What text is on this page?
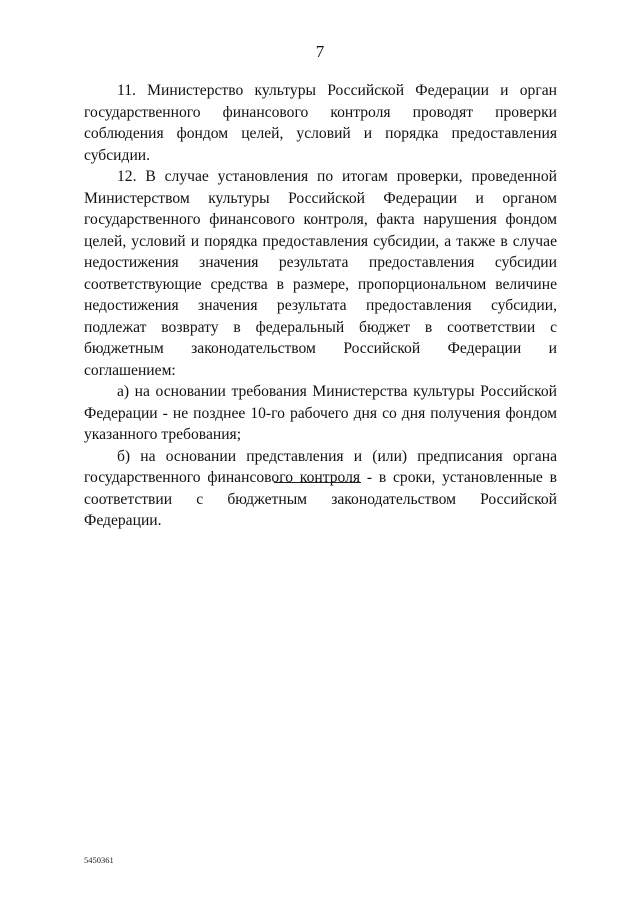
7

11. Министерство культуры Российской Федерации и орган государственного финансового контроля проводят проверки соблюдения фондом целей, условий и порядка предоставления субсидии.

12. В случае установления по итогам проверки, проведенной Министерством культуры Российской Федерации и органом государственного финансового контроля, факта нарушения фондом целей, условий и порядка предоставления субсидии, а также в случае недостижения значения результата предоставления субсидии соответствующие средства в размере, пропорциональном величине недостижения значения результата предоставления субсидии, подлежат возврату в федеральный бюджет в соответствии с бюджетным законодательством Российской Федерации и соглашением:

а) на основании требования Министерства культуры Российской Федерации - не позднее 10-го рабочего дня со дня получения фондом указанного требования;

б) на основании представления и (или) предписания органа государственного финансового контроля - в сроки, установленные в соответствии с бюджетным законодательством Российской Федерации.

5450361
